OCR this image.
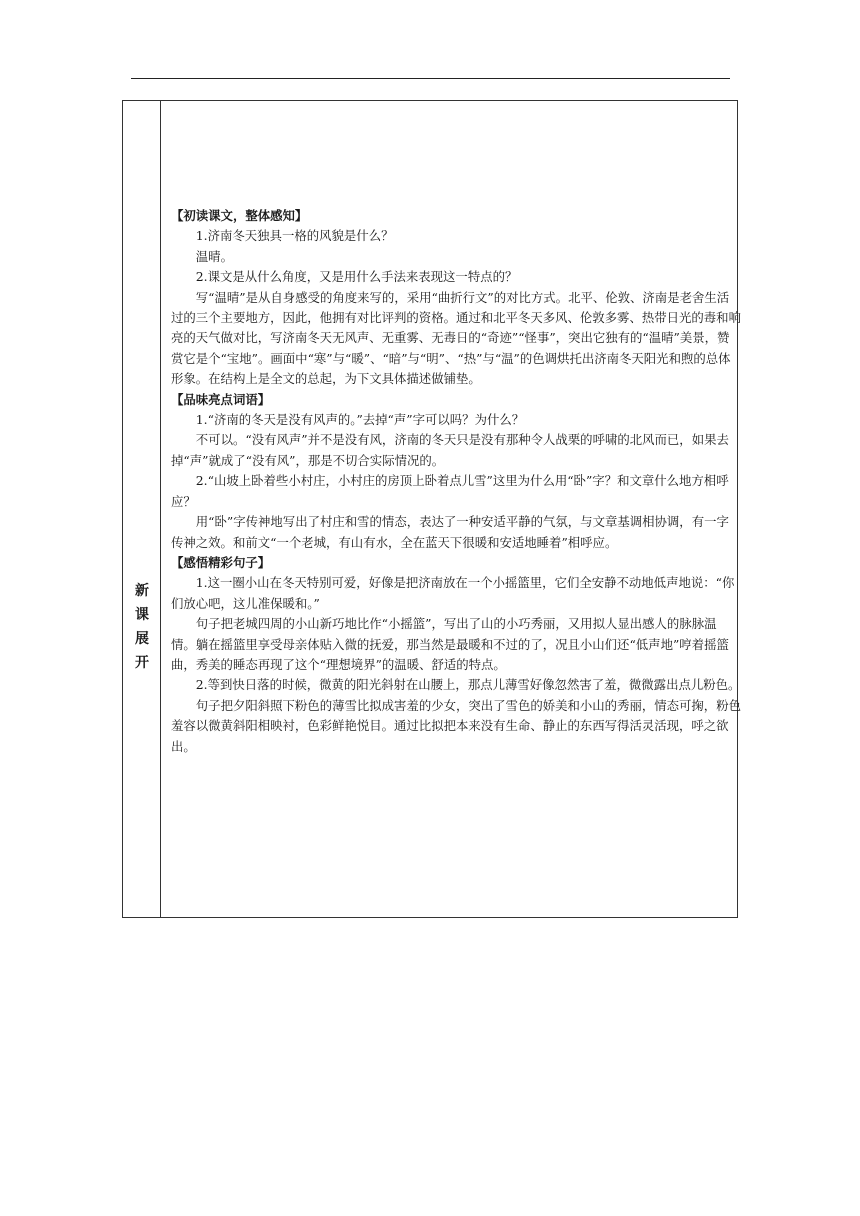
新
课
展
开

【初读课文，整体感知】

1.济南冬天独具一格的风貌是什么？

温晴。

2.课文是从什么角度，又是用什么手法来表现这一特点的？

写“温晴”是从自身感受的角度来写的，采用“曲折行文”的对比方式。北平、伦敦、济南是老舍生活过的三个主要地方，因此，他拥有对比评判的资格。通过和北平冬天多风、伦敦多雾、热带日光的毒和响亮的天气做对比，写济南冬天无风声、无重雾、无毒日的“奇迹”“怪事”，突出它独有的“温晴”美景，赞赏它是个“宝地”。画面中“寒”与“暖”、“暗”与“明”、“热”与“温”的色调烘托出济南冬天阳光和煦的总体形象。在结构上是全文的总起，为下文具体描述做铺垫。

【品味亮点词语】

1.“济南的冬天是没有风声的。”去掉“声”字可以吗？为什么？

不可以。“没有风声”并不是没有风，济南的冬天只是没有那种令人战栗的呼啸的北风而已，如果去掉“声”就成了“没有风”，那是不切合实际情况的。

2.“山坡上卧着些小村庄，小村庄的房顶上卧着点儿雪”这里为什么用“卧”字？和文章什么地方相呼应？

用“卧”字传神地写出了村庄和雪的情态，表达了一种安适平静的气氛，与文章基调相协调，有一字传神之效。和前文“一个老城，有山有水，全在蓝天下很暖和安适地睡着”相呼应。

【感悟精彩句子】

1.这一圈小山在冬天特别可爱，好像是把济南放在一个小摇篮里，它们全安静不动地低声地说：“你们放心吧，这儿准保暖和。”

句子把老城四周的小山新巧地比作“小摇篮”，写出了山的小巧秀丽，又用拟人显出感人的脉脉温情。躺在摇篮里享受母亲体贴入微的抚爱，那当然是最暖和不过的了，况且小山们还“低声地”哼着摇篮曲，秀美的睡态再现了这个“理想境界”的温暖、舒适的特点。

2.等到快日落的时候，微黄的阳光斜射在山腰上，那点儿薄雪好像忽然害了羞，微微露出点儿粉色。

句子把夕阳斜照下粉色的薄雪比拟成害羞的少女，突出了雪色的娇美和小山的秀丽，情态可掬，粉色羞容以微黄斜阳相映衬，色彩鲜艳悦目。通过比拟把本来没有生命、静止的东西写得活灵活现，呼之欲出。
